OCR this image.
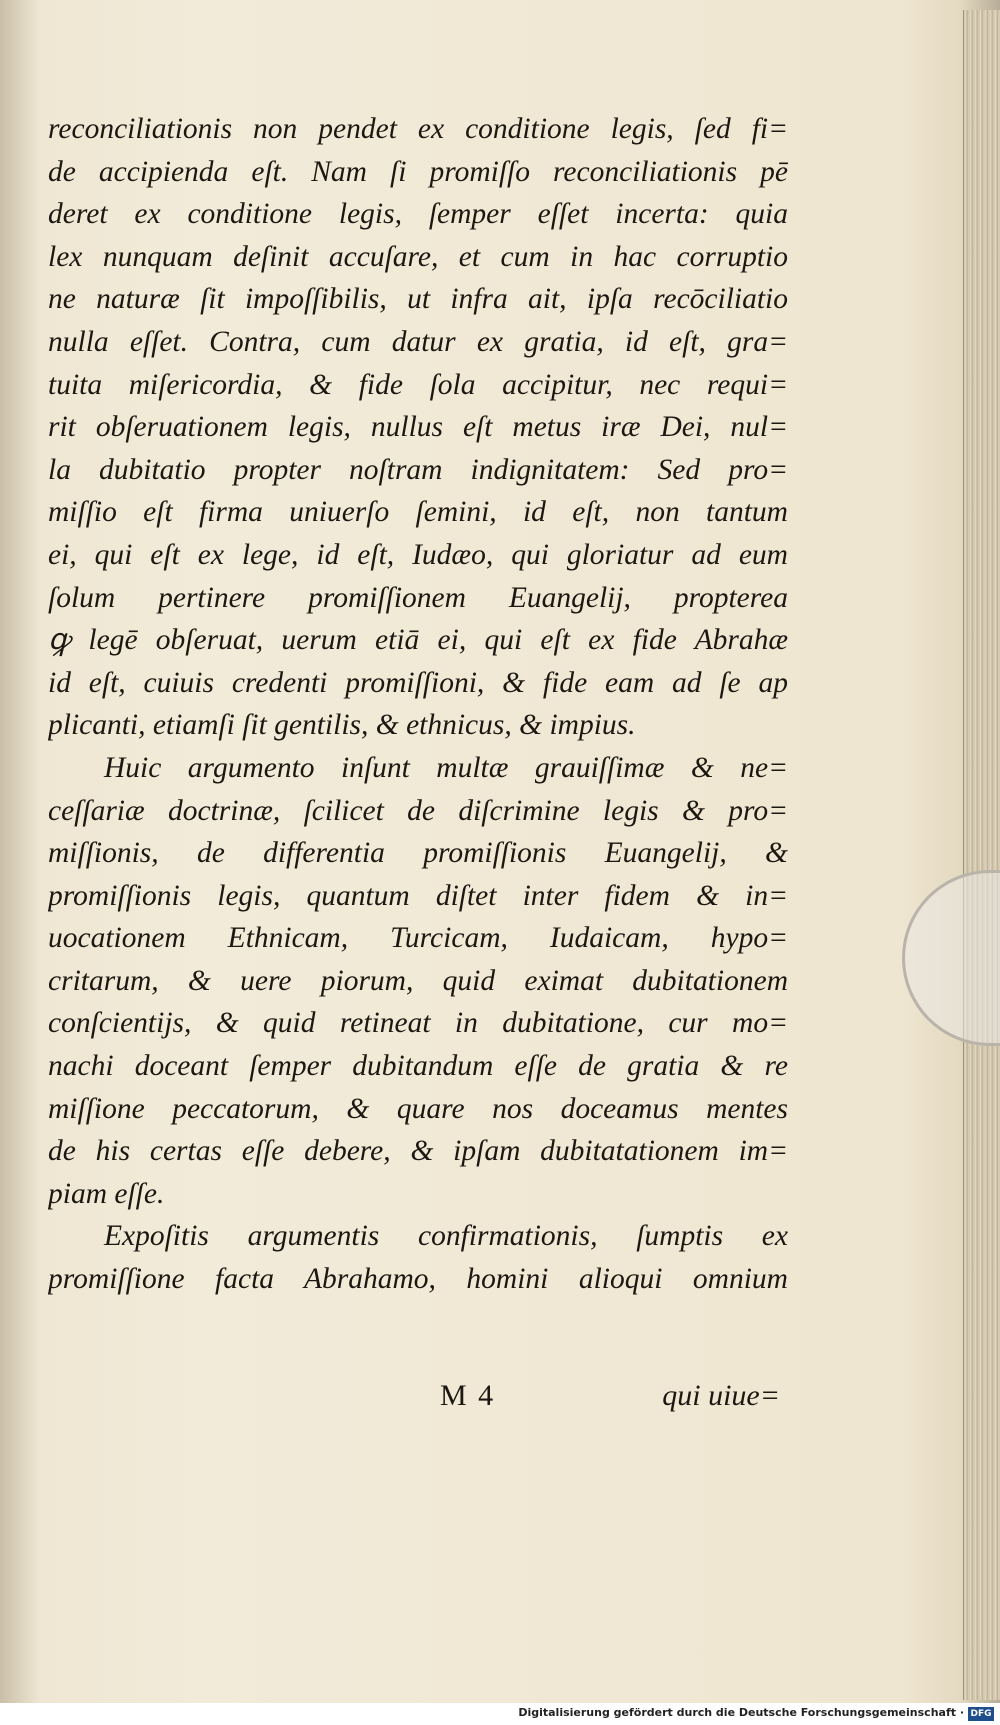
reconciliationis non pendet ex conditione legis, ſed fi=
de accipienda eſt. Nam ſi promiſſo reconciliationis pē
deret ex conditione legis, ſemper eſſet incerta: quia
lex nunquam deſinit accuſare, et cum in hac corruptio
ne naturæ ſit impoſſibilis, ut infra ait, ipſa recōciliatio
nulla eſſet. Contra, cum datur ex gratia, id eſt, gra=
tuita miſericordia, & fide ſola accipitur, nec requi=
rit obſeruationem legis, nullus eſt metus iræ Dei, nul=
la dubitatio propter noſtram indignitatem: Sed pro=
miſſio eſt firma uniuerſo ſemini, id eſt, non tantum
ei, qui eſt ex lege, id eſt, Iudæo, qui gloriatur ad eum
ſolum pertinere promiſſionem Euangelij, propterea
ꝙ legē obſeruat, uerum etiā ei, qui eſt ex fide Abrahæ
id eſt, cuiuis credenti promiſſioni, & fide eam ad ſe ap
plicanti, etiamſi ſit gentilis, & ethnicus, & impius.
Huic argumento inſunt multæ grauiſſimæ & ne=
ceſſariæ doctrinæ, ſcilicet de diſcrimine legis & pro=
miſſionis, de differentia promiſſionis Euangelij, &
promiſſionis legis, quantum diſtet inter fidem & in=
uocationem Ethnicam, Turcicam, Iudaicam, hypo=
critarum, & uere piorum, quid eximat dubitationem
conſcientijs, & quid retineat in dubitatione, cur mo=
nachi doceant ſemper dubitandum eſſe de gratia & re
miſſione peccatorum, & quare nos doceamus mentes
de his certas eſſe debere, & ipſam dubitatationem im=
piam eſſe.
Expoſitis argumentis confirmationis, ſumptis ex
promiſſione facta Abrahamo, homini alioqui omnium
M 4	qui uiue=
Digitalisierung gefördert durch die Deutsche Forschungsgemeinschaft · DFG
